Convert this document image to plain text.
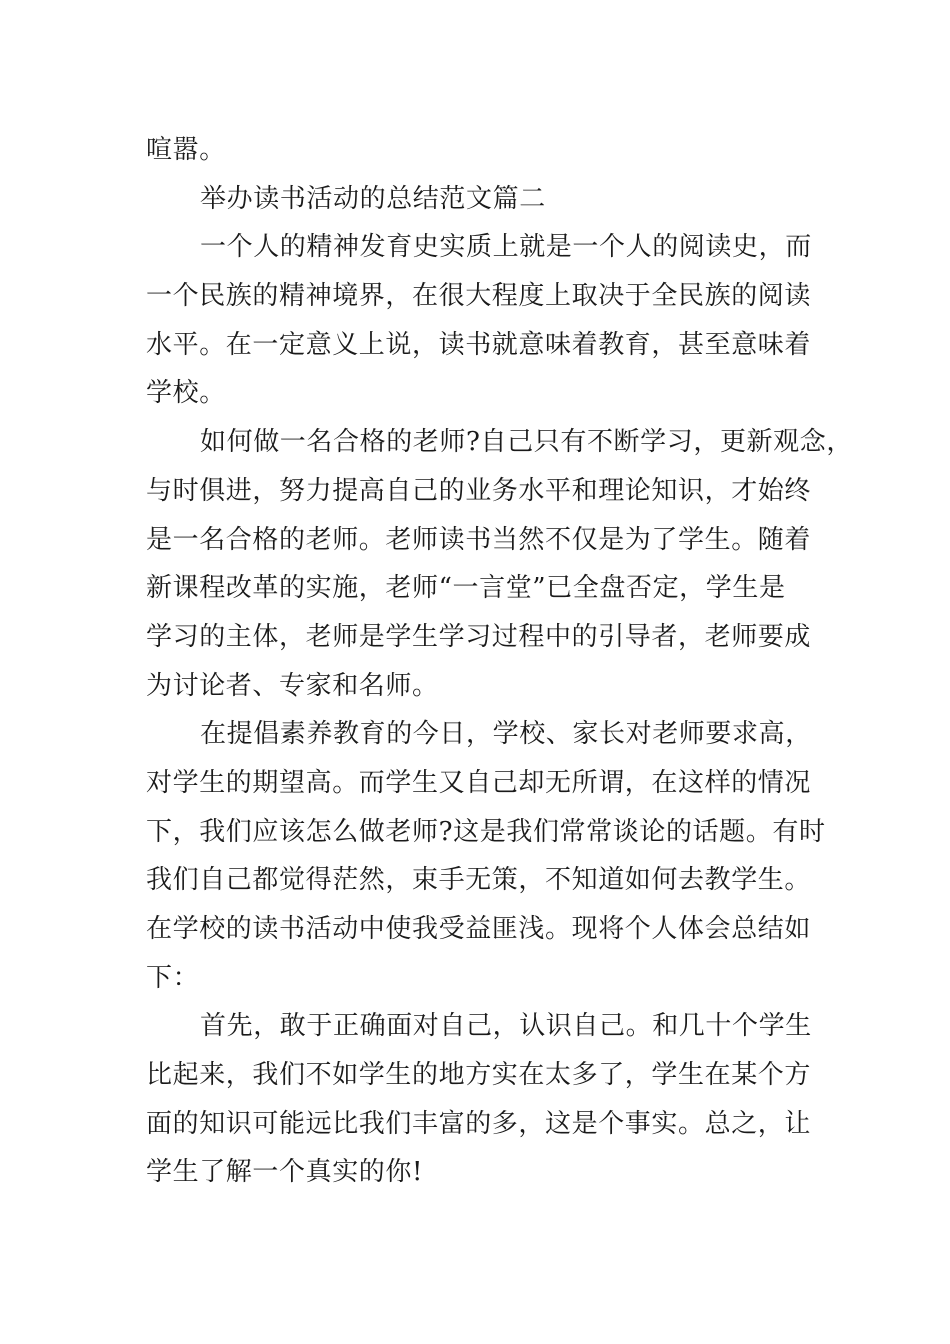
喧嚣。
举办读书活动的总结范文篇二
一个人的精神发育史实质上就是一个人的阅读史，而
一个民族的精神境界，在很大程度上取决于全民族的阅读
水平。在一定意义上说，读书就意味着教育，甚至意味着
学校。
如何做一名合格的老师?自己只有不断学习，更新观念，
与时俱进，努力提高自己的业务水平和理论知识，才始终
是一名合格的老师。老师读书当然不仅是为了学生。随着
新课程改革的实施，老师“一言堂”已全盘否定，学生是
学习的主体，老师是学生学习过程中的引导者，老师要成
为讨论者、专家和名师。
在提倡素养教育的今日，学校、家长对老师要求高，
对学生的期望高。而学生又自己却无所谓，在这样的情况
下，我们应该怎么做老师?这是我们常常谈论的话题。有时
我们自己都觉得茫然，束手无策，不知道如何去教学生。
在学校的读书活动中使我受益匪浅。现将个人体会总结如
下：
首先，敢于正确面对自己，认识自己。和几十个学生
比起来，我们不如学生的地方实在太多了，学生在某个方
面的知识可能远比我们丰富的多，这是个事实。总之，让
学生了解一个真实的你!
